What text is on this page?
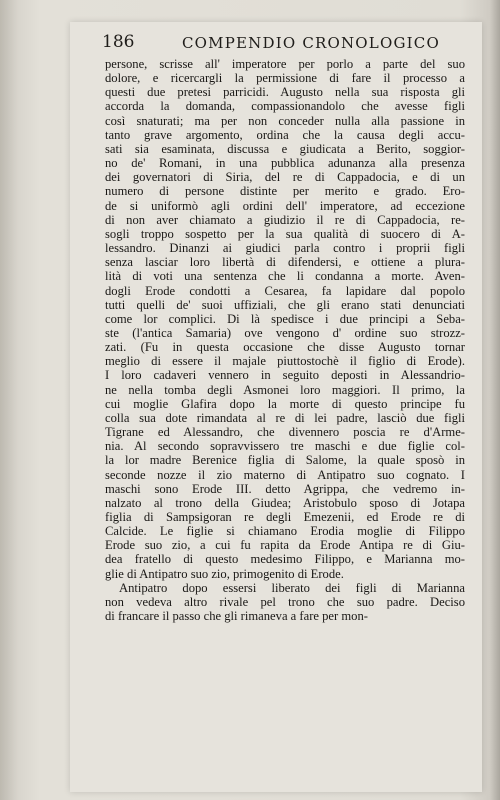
186	COMPENDIO CRONOLOGICO
persone, scrisse all' imperatore per porlo a parte del suo
dolore, e ricercargli la permissione di fare il processo a
questi due pretesi parricidi. Augusto nella sua risposta gli
accorda la domanda, compassionandolo che avesse figli
così snaturati; ma per non conceder nulla alla passione in
tanto grave argomento, ordina che la causa degli accu-
sati sia esaminata, discussa e giudicata a Berito, soggior-
no de' Romani, in una pubblica adunanza alla presenza
dei governatori di Siria, del re di Cappadocia, e di un
numero di persone distinte per merito e grado. Ero-
de si uniformò agli ordini dell' imperatore, ad eccezione
di non aver chiamato a giudizio il re di Cappadocia, re-
sogli troppo sospetto per la sua qualità di suocero di A-
lessandro. Dinanzi ai giudici parla contro i proprii figli
senza lasciar loro libertà di difendersi, e ottiene a plura-
lità di voti una sentenza che li condanna a morte. Aven-
dogli Erode condotti a Cesarea, fa lapidare dal popolo
tutti quelli de' suoi uffiziali, che gli erano stati denunciati
come lor complici. Di là spedisce i due principi a Seba-
ste (l'antica Samaria) ove vengono d' ordine suo strozz-
zati. (Fu in questa occasione che disse Augusto tornar
meglio di essere il majale piuttostochè il figlio di Erode).
I loro cadaveri vennero in seguito deposti in Alessandrio-
ne nella tomba degli Asmonei loro maggiori. Il primo, la
cui moglie Glafira dopo la morte di questo principe fu
colla sua dote rimandata al re di lei padre, lasciò due figli
Tigrane ed Alessandro, che divennero poscia re d'Arme-
nia. Al secondo sopravvissero tre maschi e due figlie col-
la lor madre Berenice figlia di Salome, la quale sposò in
seconde nozze il zio materno di Antipatro suo cognato. I
maschi sono Erode III. detto Agrippa, che vedremo in-
nalzato al trono della Giudea; Aristobulo sposo di Jotapa
figlia di Sampsigoran re degli Emezenii, ed Erode re di
Calcide. Le figlie si chiamano Erodia moglie di Filippo
Erode suo zio, a cui fu rapita da Erode Antipa re di Giu-
dea fratello di questo medesimo Filippo, e Marianna mo-
glie di Antipatro suo zio, primogenito di Erode.
Antipatro dopo essersi liberato dei figli di Marianna
non vedeva altro rivale pel trono che suo padre. Deciso
di francare il passo che gli rimaneva a fare per mon-
